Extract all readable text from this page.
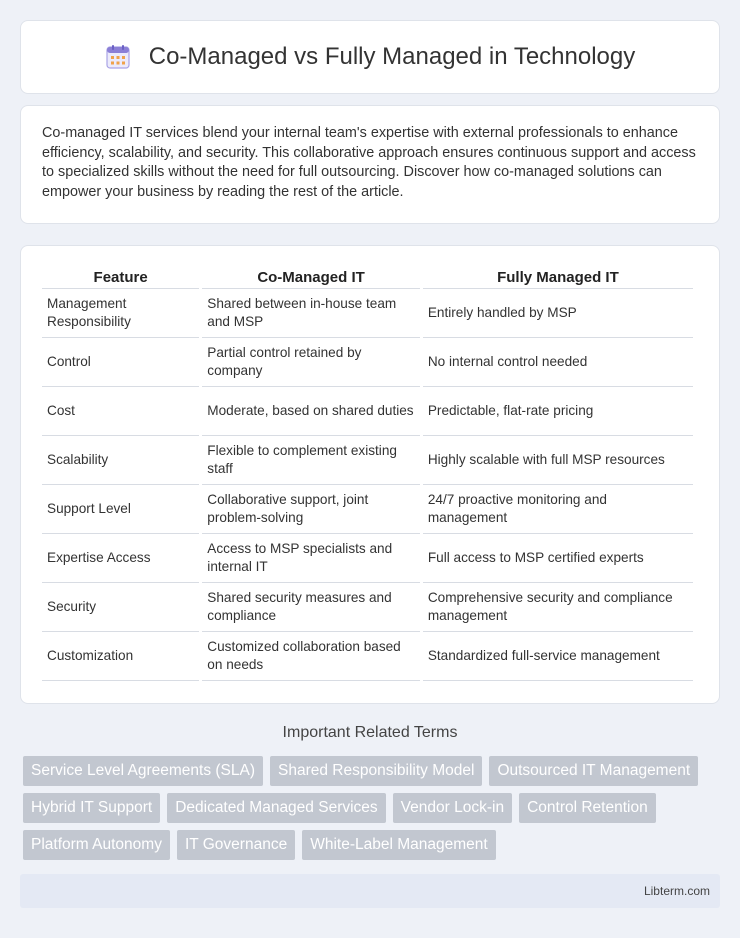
Co-Managed vs Fully Managed in Technology

Co-managed IT services blend your internal team's expertise with external professionals to enhance efficiency, scalability, and security. This collaborative approach ensures continuous support and access to specialized skills without the need for full outsourcing. Discover how co-managed solutions can empower your business by reading the rest of the article.

Feature	Co-Managed IT	Fully Managed IT
Management Responsibility	Shared between in-house team and MSP	Entirely handled by MSP
Control	Partial control retained by company	No internal control needed
Cost	Moderate, based on shared duties	Predictable, flat-rate pricing
Scalability	Flexible to complement existing staff	Highly scalable with full MSP resources
Support Level	Collaborative support, joint problem-solving	24/7 proactive monitoring and management
Expertise Access	Access to MSP specialists and internal IT	Full access to MSP certified experts
Security	Shared security measures and compliance	Comprehensive security and compliance management
Customization	Customized collaboration based on needs	Standardized full-service management
Important Related Terms
Service Level Agreements (SLA)	Shared Responsibility Model	Outsourced IT Management
Hybrid IT Support	Dedicated Managed Services	Vendor Lock-in	Control Retention
Platform Autonomy	IT Governance	White-Label Management
Libterm.com
